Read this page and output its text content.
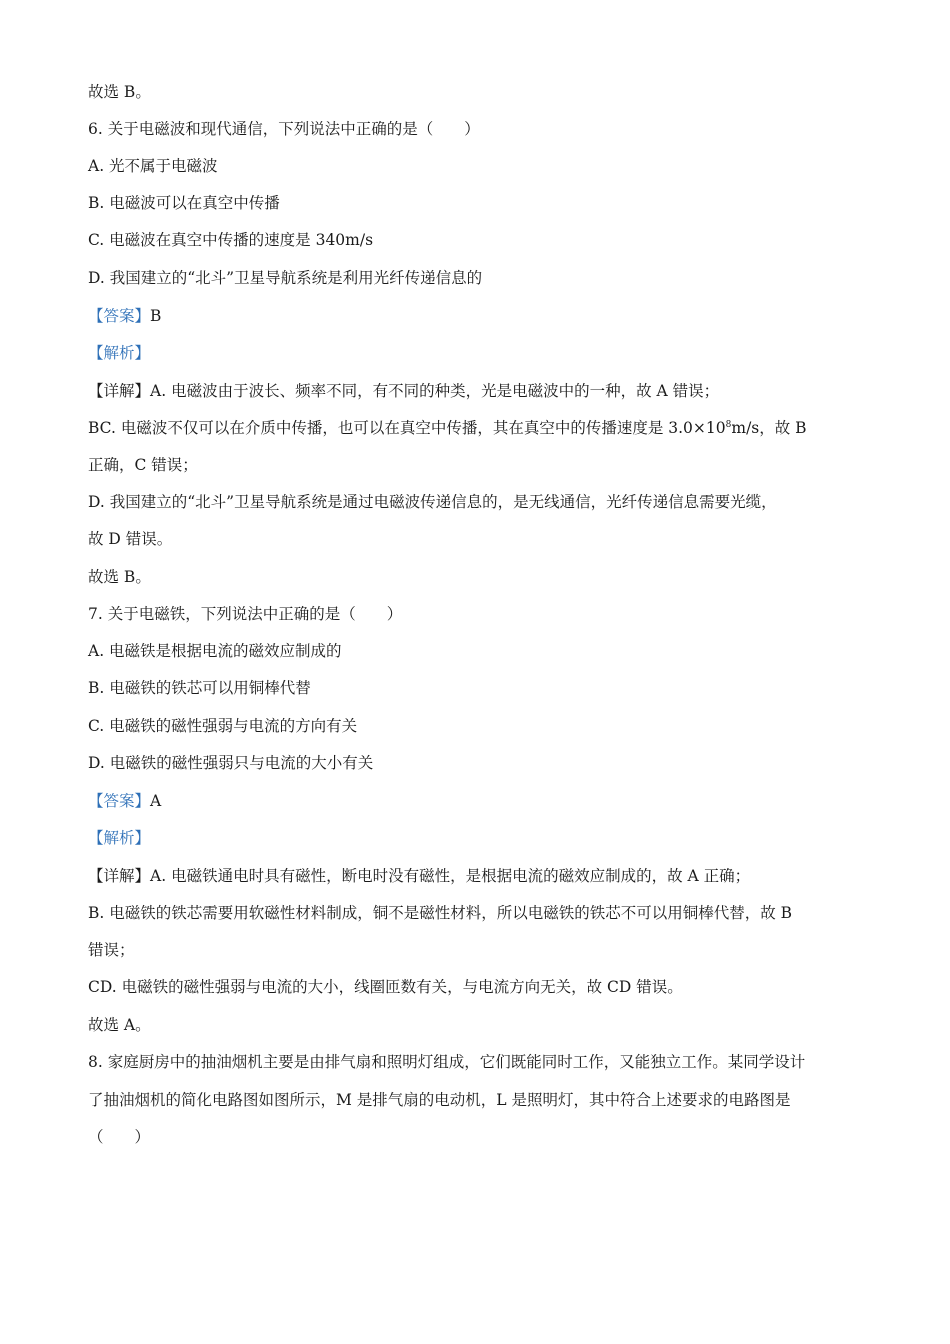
故选 B。
6. 关于电磁波和现代通信，下列说法中正确的是（　　）
A. 光不属于电磁波
B. 电磁波可以在真空中传播
C. 电磁波在真空中传播的速度是 340m/s
D. 我国建立的“北斗”卫星导航系统是利用光纤传递信息的
【答案】B
【解析】
【详解】A. 电磁波由于波长、频率不同，有不同的种类，光是电磁波中的一种，故 A 错误；
BC. 电磁波不仅可以在介质中传播，也可以在真空中传播，其在真空中的传播速度是 $3.0\times 10^8m/s$，故 B
正确，C 错误；
D. 我国建立的“北斗”卫星导航系统是通过电磁波传递信息的，是无线通信，光纤传递信息需要光缆，
故 D 错误。
故选 B。
7. 关于电磁铁，下列说法中正确的是（　　）
A. 电磁铁是根据电流的磁效应制成的
B. 电磁铁的铁芯可以用铜棒代替
C. 电磁铁的磁性强弱与电流的方向有关
D. 电磁铁的磁性强弱只与电流的大小有关
【答案】A
【解析】
【详解】A. 电磁铁通电时具有磁性，断电时没有磁性，是根据电流的磁效应制成的，故 A 正确；
B. 电磁铁的铁芯需要用软磁性材料制成，铜不是磁性材料，所以电磁铁的铁芯不可以用铜棒代替，故 B
错误；
CD. 电磁铁的磁性强弱与电流的大小，线圈匝数有关，与电流方向无关，故 CD 错误。
故选 A。
8. 家庭厨房中的抽油烟机主要是由排气扇和照明灯组成，它们既能同时工作，又能独立工作。某同学设计
了抽油烟机的简化电路图如图所示，M 是排气扇的电动机，L 是照明灯，其中符合上述要求的电路图是
（　　）
